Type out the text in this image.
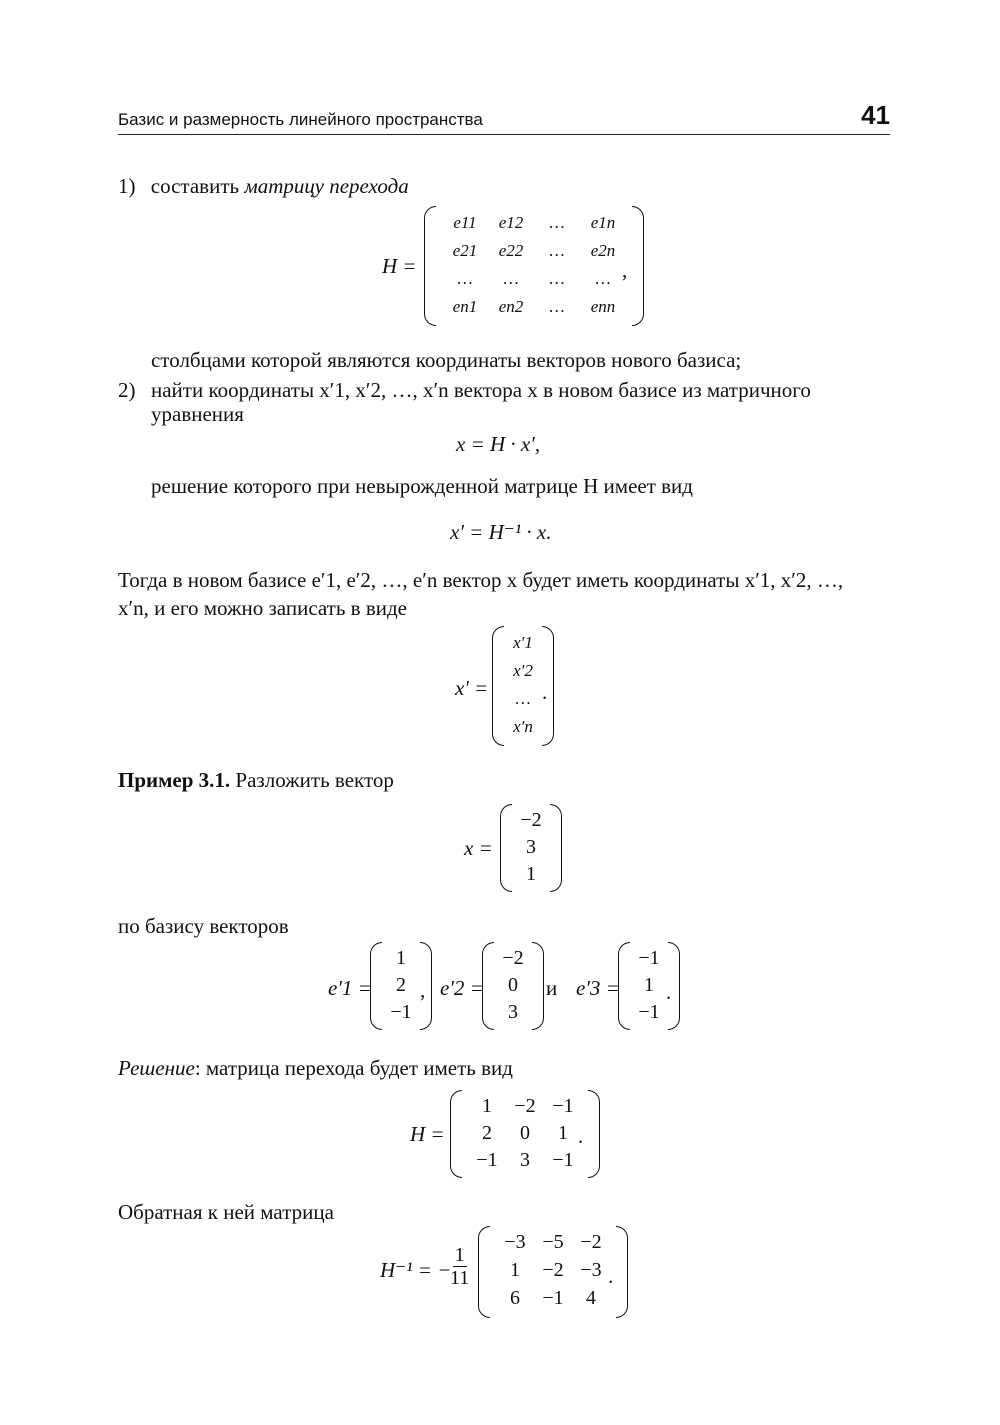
Базис и размерность линейного пространства	41
1) составить матрицу перехода
H =
e11 e12 … e1n
e21 e22 … e2n
… … … …
en1 en2 … enn
,
столбцами которой являются координаты векторов нового базиса;
2) найти координаты x′1, x′2, …, x′n вектора x в новом базисе из матричного
уравнения
x = H · x′,
решение которого при невырожденной матрице H имеет вид
x′ = H⁻¹ · x.
Тогда в новом базисе e′1, e′2, …, e′n вектор x будет иметь координаты x′1, x′2, …,
x′n, и его можно записать в виде
x′ =
x′1
x′2
…
x′n
.
Пример 3.1. Разложить вектор
x =
−2
3
1
по базису векторов
e′1 =
1
2
−1
, e′2 =
−2
0
3
и e′3 =
−1
1
−1
.
Решение: матрица перехода будет иметь вид
H =
1 −2 −1
2 0 1
−1 3 −1
.
Обратная к ней матрица
H⁻¹ = −
$\frac{1}{11}$
−3 −5 −2
1 −2 −3
6 −1 4
.
